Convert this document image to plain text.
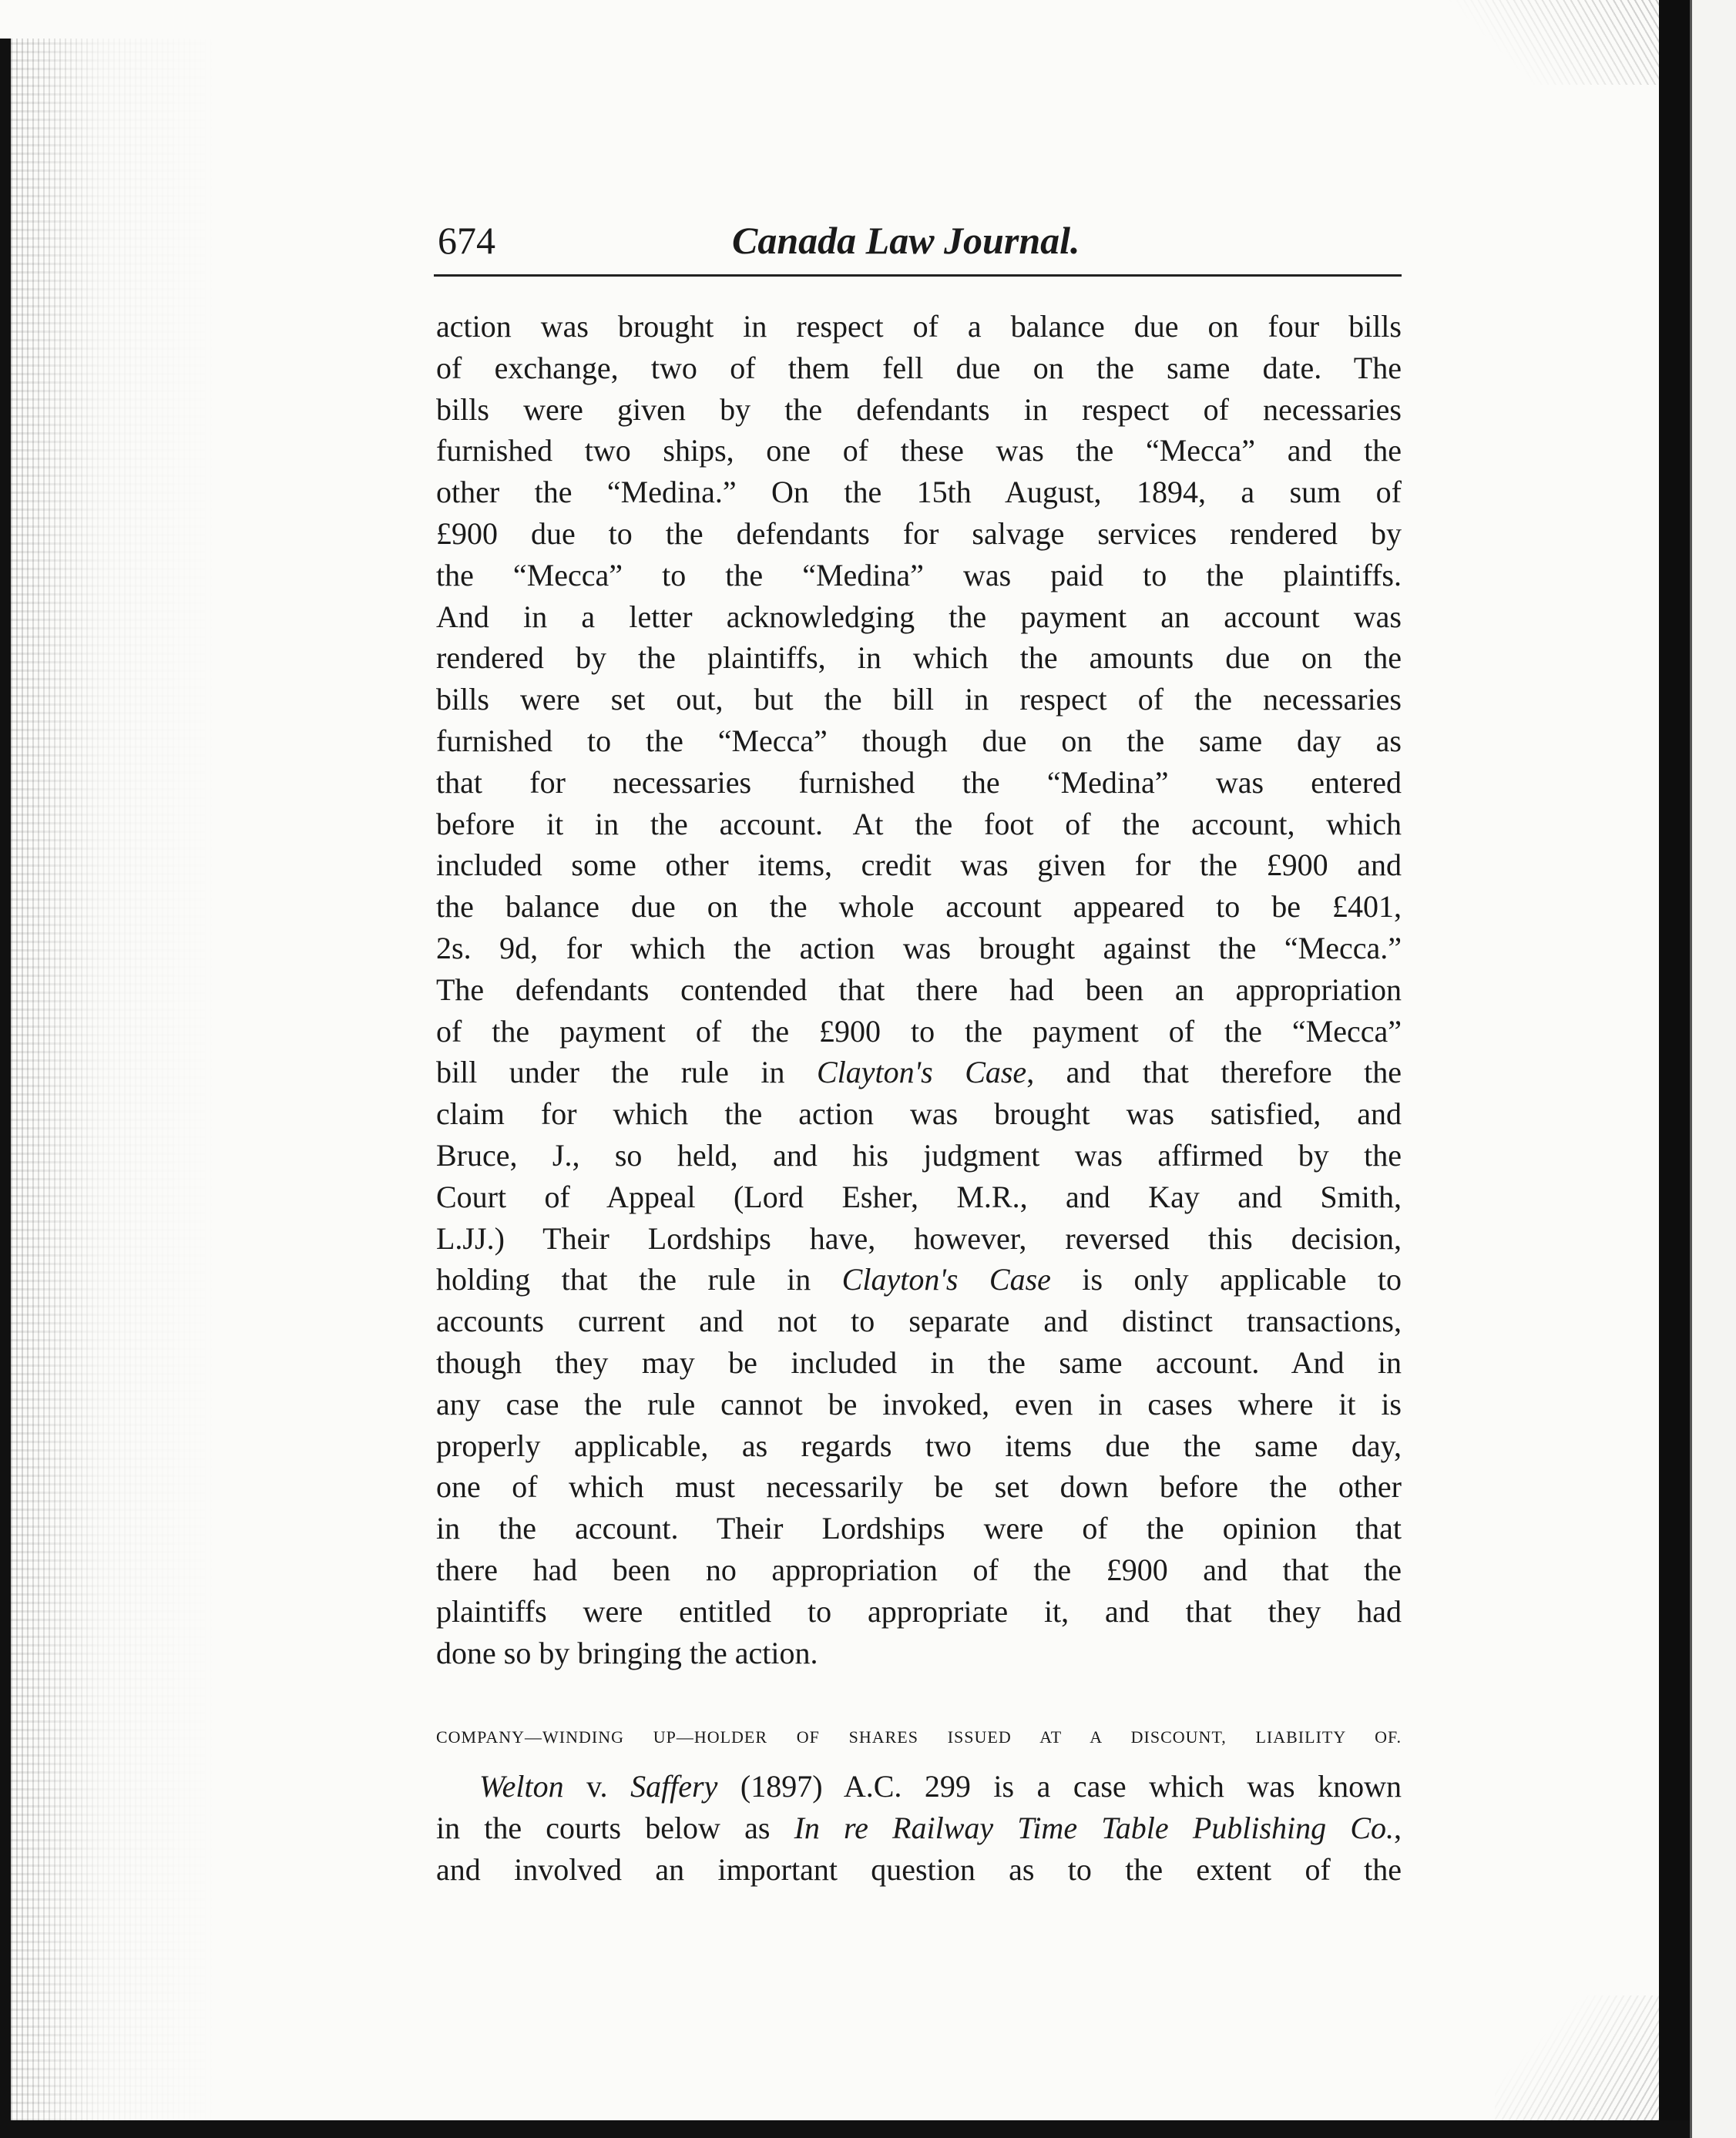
674	Canada Law Journal.
action was brought in respect of a balance due on four bills
of exchange, two of them fell due on the same date. The
bills were given by the defendants in respect of necessaries
furnished two ships, one of these was the “Mecca” and the
other the “Medina.” On the 15th August, 1894, a sum of
£900 due to the defendants for salvage services rendered by
the “Mecca” to the “Medina” was paid to the plaintiffs.
And in a letter acknowledging the payment an account was
rendered by the plaintiffs, in which the amounts due on the
bills were set out, but the bill in respect of the necessaries
furnished to the “Mecca” though due on the same day as
that for necessaries furnished the “Medina” was entered
before it in the account. At the foot of the account, which
included some other items, credit was given for the £900 and
the balance due on the whole account appeared to be £401,
2s. 9d, for which the action was brought against the “Mecca.”
The defendants contended that there had been an appropriation
of the payment of the £900 to the payment of the “Mecca”
bill under the rule in Clayton's Case, and that therefore the
claim for which the action was brought was satisfied, and
Bruce, J., so held, and his judgment was affirmed by the
Court of Appeal (Lord Esher, M.R., and Kay and Smith,
L.JJ.) Their Lordships have, however, reversed this decision,
holding that the rule in Clayton's Case is only applicable to
accounts current and not to separate and distinct transactions,
though they may be included in the same account. And in
any case the rule cannot be invoked, even in cases where it is
properly applicable, as regards two items due the same day,
one of which must necessarily be set down before the other
in the account. Their Lordships were of the opinion that
there had been no appropriation of the £900 and that the
plaintiffs were entitled to appropriate it, and that they had
done so by bringing the action.
COMPANY—WINDING UP—HOLDER OF SHARES ISSUED AT A DISCOUNT, LIABILITY OF.
Welton v. Saffery (1897) A.C. 299 is a case which was known
in the courts below as In re Railway Time Table Publishing Co.,
and involved an important question as to the extent of the
